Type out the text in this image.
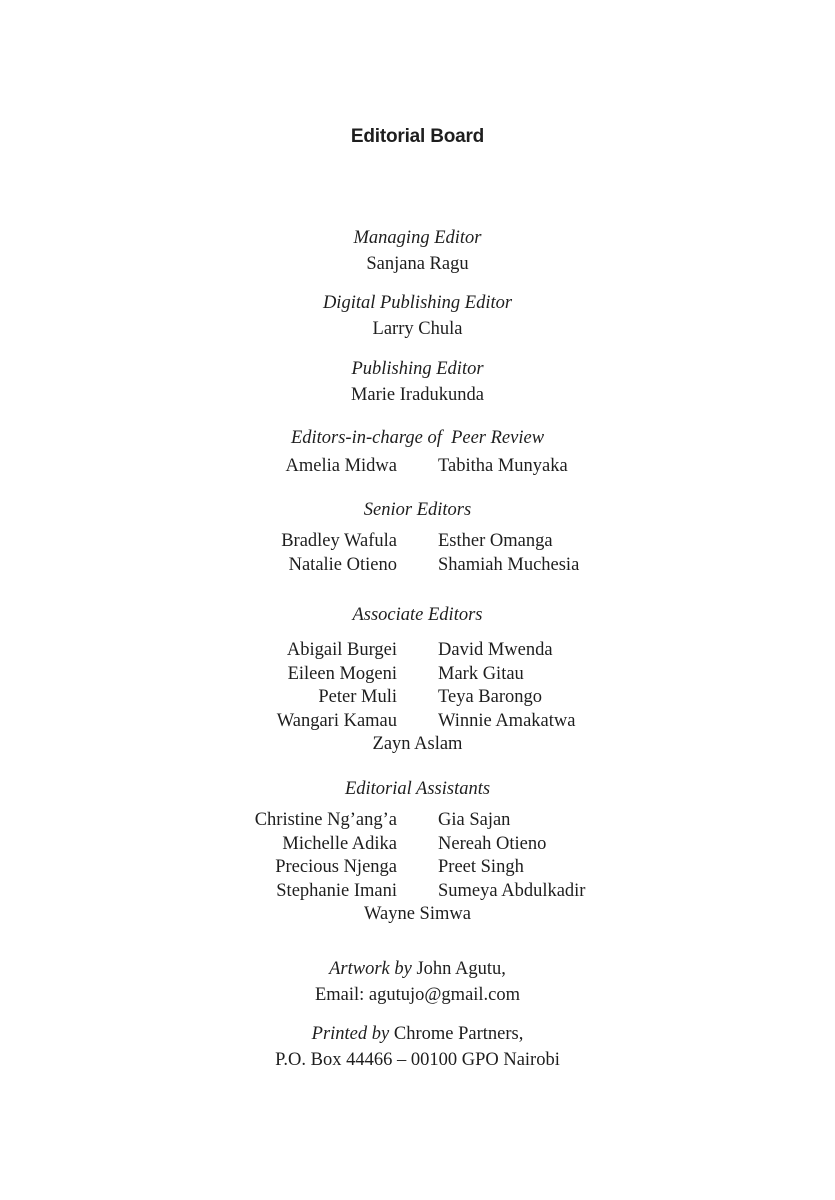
Editorial Board
Managing Editor
Sanjana Ragu
Digital Publishing Editor
Larry Chula
Publishing Editor
Marie Iradukunda
Editors-in-charge of  Peer Review
Amelia Midwa Tabitha Munyaka
Senior Editors
Bradley Wafula Esther Omanga
Natalie Otieno Shamiah Muchesia
Associate Editors
Abigail Burgei David Mwenda
Eileen Mogeni Mark Gitau
Peter Muli Teya Barongo
Wangari Kamau Winnie Amakatwa
Zayn Aslam
Editorial Assistants
Christine Ng’ang’a Gia Sajan
Michelle Adika Nereah Otieno
Precious Njenga Preet Singh
Stephanie Imani Sumeya Abdulkadir
Wayne Simwa
Artwork by John Agutu,
Email: agutujo@gmail.com
Printed by Chrome Partners,
P.O. Box 44466 – 00100 GPO Nairobi
